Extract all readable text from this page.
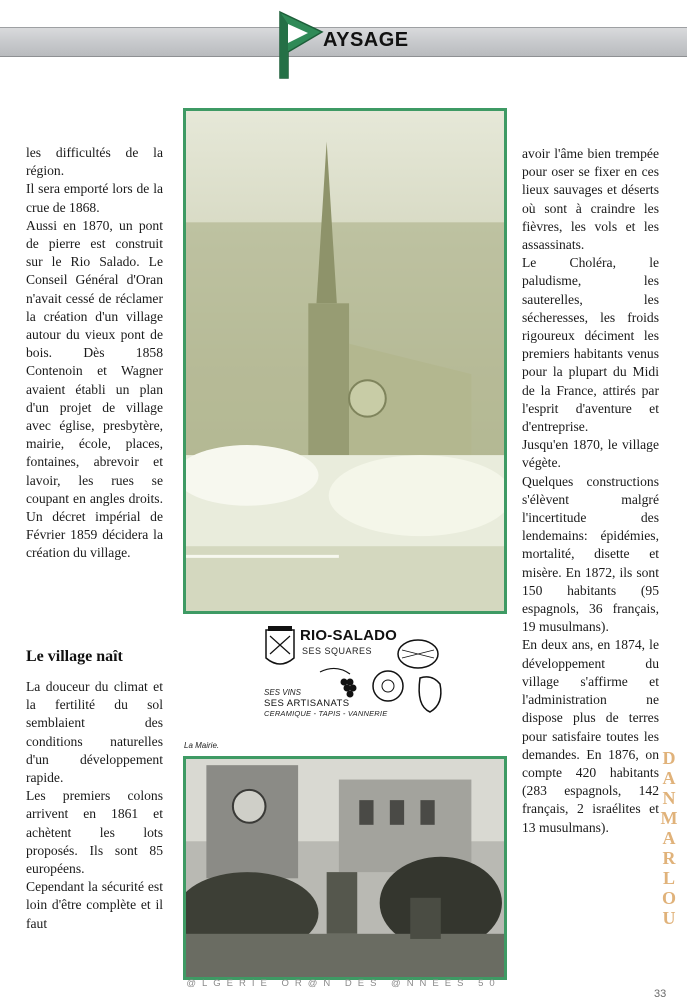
AYSAGE

les difficultés de la région.

Il sera emporté lors de la crue de 1868.

Aussi en 1870, un pont de pierre est construit sur le Rio Salado. Le Conseil Général d'Oran n'avait cessé de réclamer la création d'un village autour du vieux pont de bois. Dès 1858 Contenoin et Wagner avaient établi un plan d'un projet de village avec église, presbytère, mairie, école, places, fontaines, abrevoir et lavoir, les rues se coupant en angles droits. Un décret impérial de Février 1859 décidera la création du village.

Le village naît

La douceur du climat et la fertilité du sol semblaient des conditions naturelles d'un développement rapide.

Les premiers colons arrivent en 1861 et achètent les lots proposés. Ils sont 85 européens.

Cependant la sécurité est loin d'être complète et il faut

avoir l'âme bien trempée pour oser se fixer en ces lieux sauvages et déserts où sont à craindre les fièvres, les vols et les assassinats.

Le Choléra, le paludisme, les sauterelles, les sécheresses, les froids rigoureux déciment les premiers habitants venus pour la plupart du Midi de la France, attirés par l'esprit d'aventure et d'entreprise.

Jusqu'en 1870, le village végète.

Quelques constructions s'élèvent malgré l'incertitude des lendemains: épidémies, mortalité, disette et misère. En 1872, ils sont 150 habitants (95 espagnols, 36 français, 19 musulmans).

En deux ans, en 1874, le développement du village s'affirme et l'administration ne dispose plus de terres pour satisfaire toutes les demandes. En 1876, on compte 420 habitants (283 espagnols, 142 français, 2 israélites et 13 musulmans).

RIO-SALADO
SES SQUARES
SES VINS
SES ARTISANATS
CERAMIQUE - TAPIS - VANNERIE
La Mairie.
DANMARLOU
@LGERIE OR@N DES @NNEES 50
33
